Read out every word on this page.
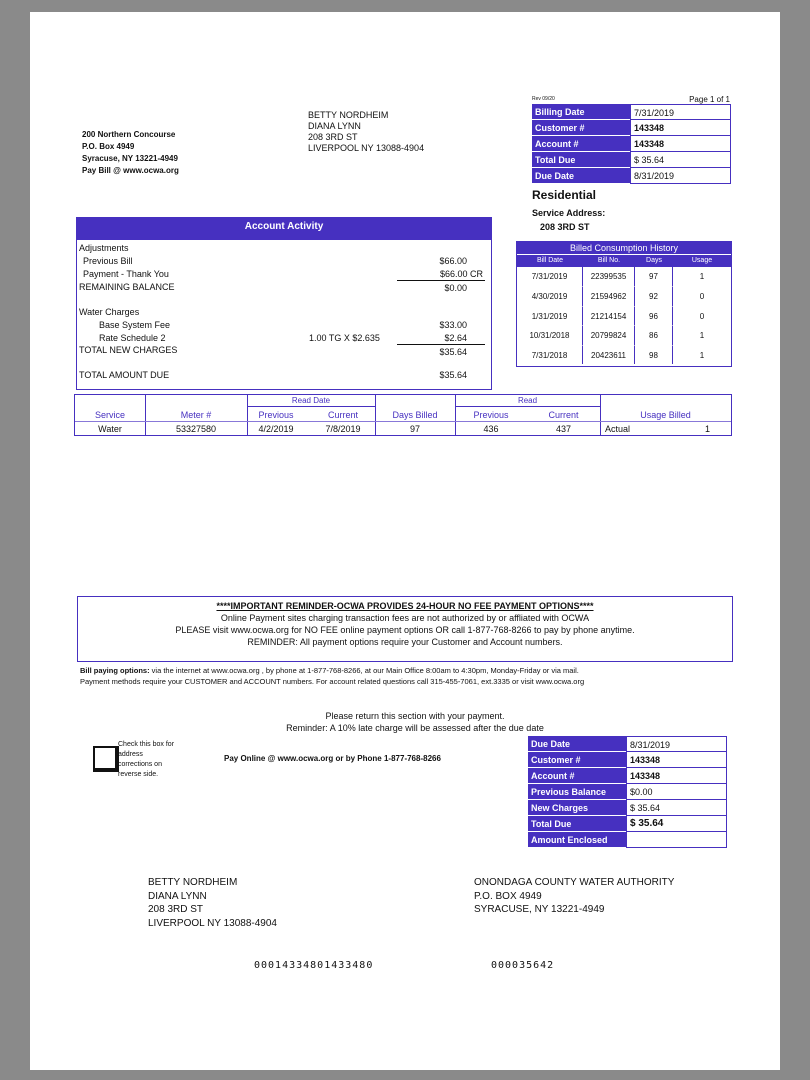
Rev 09/20	Page 1 of 1
200 Northern Concourse
P.O. Box 4949
Syracuse, NY 13221-4949
Pay Bill @ www.ocwa.org
BETTY NORDHEIM
DIANA LYNN
208 3RD ST
LIVERPOOL NY 13088-4904
Billing Date	7/31/2019
Customer #	143348
Account #	143348
Total Due	$ 35.64
Due Date	8/31/2019
Residential
Service Address:
208 3RD ST
Account Activity
Adjustments
Previous Bill	$66.00
Payment - Thank You	$66.00 CR
REMAINING BALANCE	$0.00
Water Charges
Base System Fee	$33.00
Rate Schedule 2	1.00 TG X $2.635	$2.64
TOTAL NEW CHARGES	$35.64
TOTAL AMOUNT DUE	$35.64
Billed Consumption History
Bill Date	Bill No.	Days	Usage
7/31/2019	22399535	97	1
4/30/2019	21594962	92	0
1/31/2019	21214154	96	0
10/31/2018	20799824	86	1
7/31/2018	20423611	98	1
Read Date	Read
Service	Meter #	Previous	Current	Days Billed	Previous	Current	Usage Billed
Water	53327580	4/2/2019	7/8/2019	97	436	437	Actual	1
****IMPORTANT REMINDER-OCWA PROVIDES 24-HOUR NO FEE PAYMENT OPTIONS****
Online Payment sites charging transaction fees are not authorized by or affliated with OCWA
PLEASE visit www.ocwa.org for NO FEE online payment options OR call 1-877-768-8266 to pay by phone anytime.
REMINDER: All payment options require your Customer and Account numbers.
Bill paying options: via the internet at www.ocwa.org , by phone at 1-877-768-8266, at our Main Office 8:00am to 4:30pm, Monday-Friday or via mail.
Payment methods require your CUSTOMER and ACCOUNT numbers. For account related questions call 315-455-7061, ext.3335 or visit www.ocwa.org
Please return this section with your payment.
Reminder: A 10% late charge will be assessed after the due date
Check this box for address corrections on reverse side.
Pay Online @ www.ocwa.org or by Phone 1-877-768-8266
Due Date	8/31/2019
Customer #	143348
Account #	143348
Previous Balance	$0.00
New Charges	$ 35.64
Total Due	$ 35.64
Amount Enclosed
BETTY NORDHEIM
DIANA LYNN
208 3RD ST
LIVERPOOL NY 13088-4904
ONONDAGA COUNTY WATER AUTHORITY
P.O. BOX 4949
SYRACUSE, NY 13221-4949
00014334801433480	000035642
